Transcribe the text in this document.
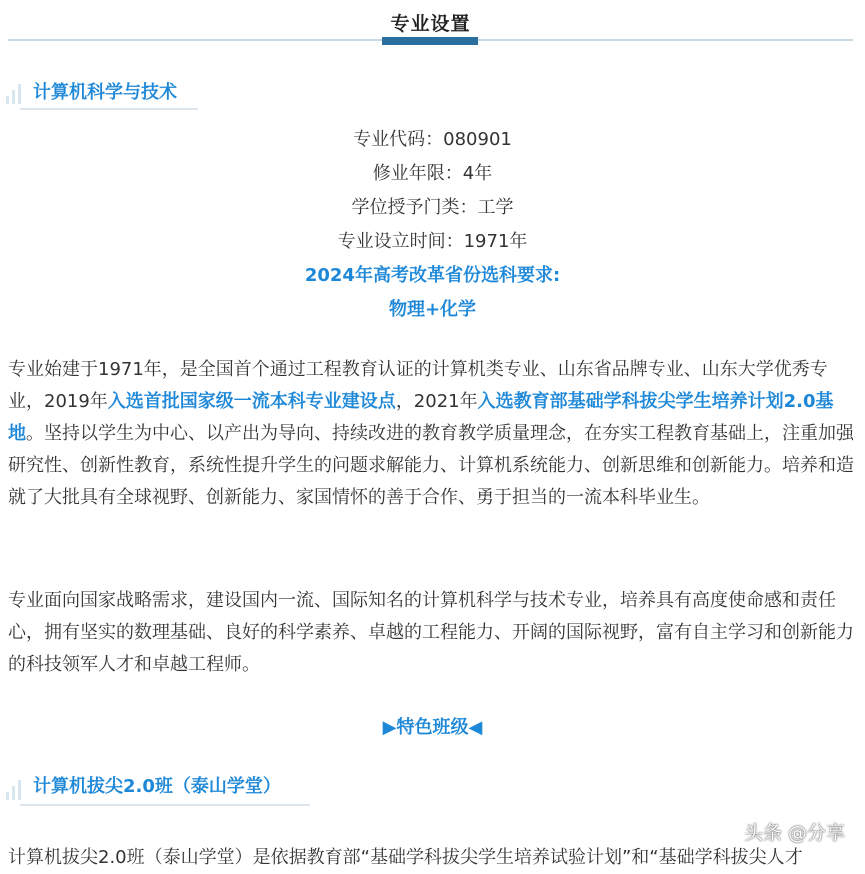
专业设置
计算机科学与技术
专业代码：080901
修业年限：4年
学位授予门类：工学
专业设立时间：1971年
2024年高考改革省份选科要求:
物理+化学

专业始建于1971年，是全国首个通过工程教育认证的计算机类专业、山东省品牌专业、山东大学优秀专业，2019年入选首批国家级一流本科专业建设点，2021年入选教育部基础学科拔尖学生培养计划2.0基地。坚持以学生为中心、以产出为导向、持续改进的教育教学质量理念，在夯实工程教育基础上，注重加强研究性、创新性教育，系统性提升学生的问题求解能力、计算机系统能力、创新思维和创新能力。培养和造就了大批具有全球视野、创新能力、家国情怀的善于合作、勇于担当的一流本科毕业生。

专业面向国家战略需求，建设国内一流、国际知名的计算机科学与技术专业，培养具有高度使命感和责任心，拥有坚实的数理基础、良好的科学素养、卓越的工程能力、开阔的国际视野，富有自主学习和创新能力的科技领军人才和卓越工程师。

▶特色班级◀
计算机拔尖2.0班（泰山学堂）

计算机拔尖2.0班（泰山学堂）是依据教育部“基础学科拔尖学生培养试验计划”和“基础学科拔尖人才

头条 @分享
